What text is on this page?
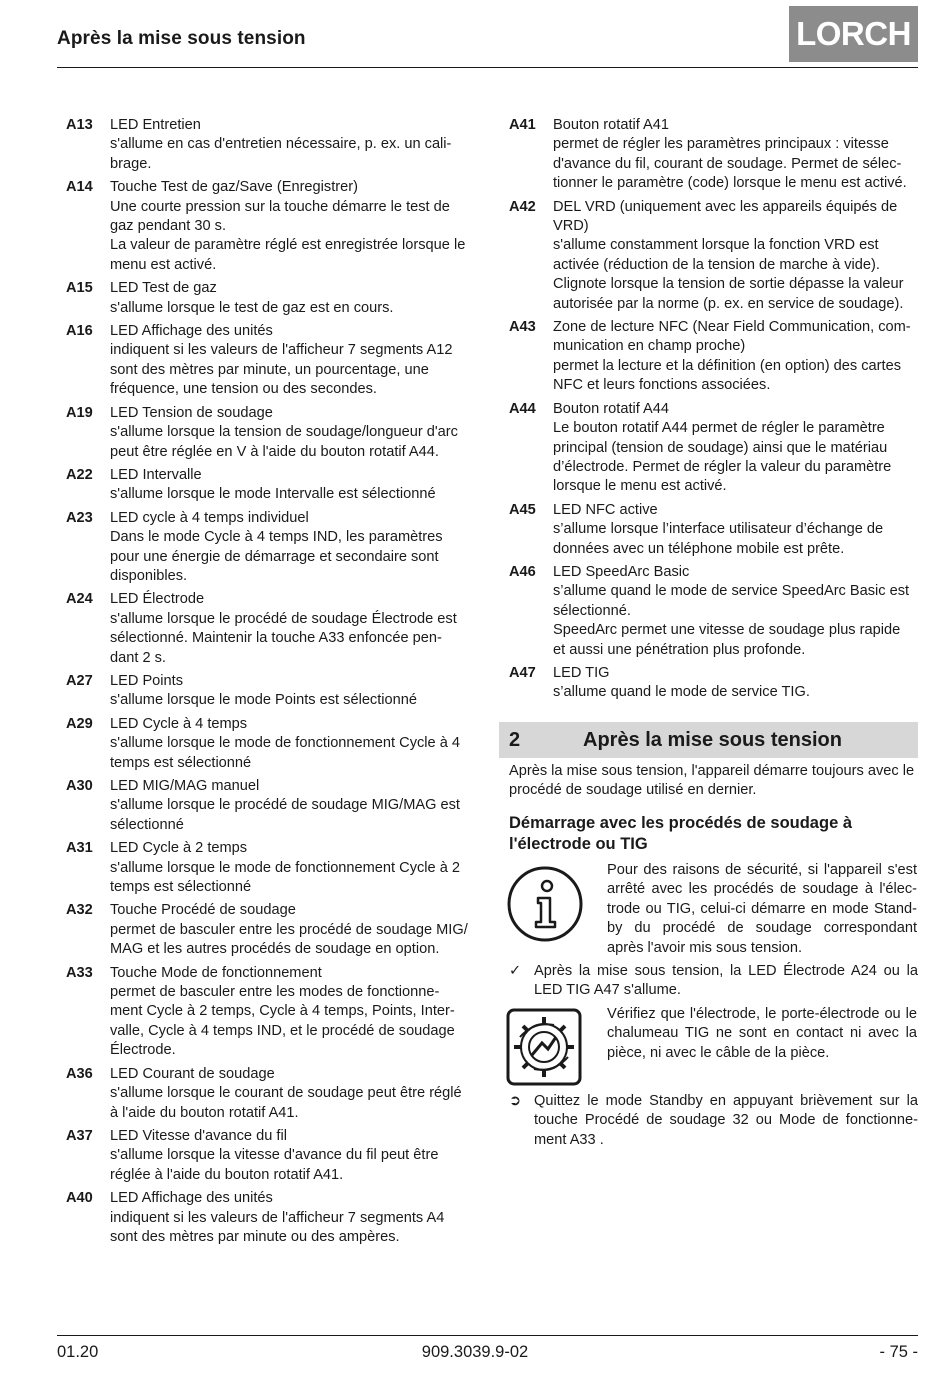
Après la mise sous tension	LORCH
A13	LED Entretien
s'allume en cas d'entretien nécessaire, p. ex. un cali-
brage.
A14	Touche Test de gaz/Save (Enregistrer)
Une courte pression sur la touche démarre le test de
gaz pendant 30 s.
La valeur de paramètre réglé est enregistrée lorsque le
menu est activé.
A15	LED Test de gaz
s'allume lorsque le test de gaz est en cours.
A16	LED Affichage des unités
indiquent si les valeurs de l'afficheur 7 segments A12
sont des mètres par minute, un pourcentage, une
fréquence, une tension ou des secondes.
A19	LED Tension de soudage
s'allume lorsque la tension de soudage/longueur d'arc
peut être réglée en V à l'aide du bouton rotatif A44.
A22	LED Intervalle
s'allume lorsque le mode Intervalle est sélectionné
A23	LED cycle à 4 temps individuel
Dans le mode Cycle à 4 temps IND, les paramètres
pour une énergie de démarrage et secondaire sont
disponibles.
A24	LED Électrode
s'allume lorsque le procédé de soudage Électrode est
sélectionné. Maintenir la touche A33 enfoncée pen-
dant 2 s.
A27	LED Points
s'allume lorsque le mode Points est sélectionné
A29	LED Cycle à 4 temps
s'allume lorsque le mode de fonctionnement Cycle à 4
temps est sélectionné
A30	LED MIG/MAG manuel
s'allume lorsque le procédé de soudage MIG/MAG est
sélectionné
A31	LED Cycle à 2 temps
s'allume lorsque le mode de fonctionnement Cycle à 2
temps est sélectionné
A32	Touche Procédé de soudage
permet de basculer entre les procédé de soudage MIG/
MAG et les autres procédés de soudage en option.
A33	Touche Mode de fonctionnement
permet de basculer entre les modes de fonctionne-
ment Cycle à 2 temps, Cycle à 4 temps, Points, Inter-
valle, Cycle à 4 temps IND, et le procédé de soudage
Électrode.
A36	LED Courant de soudage
s'allume lorsque le courant de soudage peut être réglé
à l'aide du bouton rotatif A41.
A37	LED Vitesse d'avance du fil
s'allume lorsque la vitesse d'avance du fil peut être
réglée à l'aide du bouton rotatif A41.
A40	LED Affichage des unités
indiquent si les valeurs de l'afficheur 7 segments A4
sont des mètres par minute ou des ampères.
A41	Bouton rotatif A41
permet de régler les paramètres principaux : vitesse
d'avance du fil, courant de soudage. Permet de sélec-
tionner le paramètre (code) lorsque le menu est activé.
A42	DEL VRD (uniquement avec les appareils équipés de
VRD)
s'allume constamment lorsque la fonction VRD est
activée (réduction de la tension de marche à vide).
Clignote lorsque la tension de sortie dépasse la valeur
autorisée par la norme (p. ex. en service de soudage).
A43	Zone de lecture NFC (Near Field Communication, com-
munication en champ proche)
permet la lecture et la définition (en option) des cartes
NFC et leurs fonctions associées.
A44	Bouton rotatif A44
Le bouton rotatif A44 permet de régler le paramètre
principal (tension de soudage) ainsi que le matériau
d’électrode. Permet de régler la valeur du paramètre
lorsque le menu est activé.
A45	LED NFC active
s’allume lorsque l’interface utilisateur d’échange de
données avec un téléphone mobile est prête.
A46	LED SpeedArc Basic
s’allume quand le mode de service SpeedArc Basic est
sélectionné.
SpeedArc permet une vitesse de soudage plus rapide
et aussi une pénétration plus profonde.
A47	LED TIG
s’allume quand le mode de service TIG.
2	Après la mise sous tension
Après la mise sous tension, l'appareil démarre toujours avec le
procédé de soudage utilisé en dernier.
Démarrage avec les procédés de soudage à
l'électrode ou TIG
Pour des raisons de sécurité, si l'appareil s'est arrêté avec les procédés de soudage à l'élec-trode ou TIG, celui-ci démarre en mode Stand-by du procédé de soudage correspondant après l'avoir mis sous tension.
✓ Après la mise sous tension, la LED Électrode A24 ou la LED TIG A47 s'allume.
Vérifiez que l'électrode, le porte-électrode ou le chalumeau TIG ne sont en contact ni avec la pièce, ni avec le câble de la pièce.
➲ Quittez le mode Standby en appuyant brièvement sur la touche Procédé de soudage 32 ou Mode de fonctionne-ment A33 .
01.20	909.3039.9-02	- 75 -
